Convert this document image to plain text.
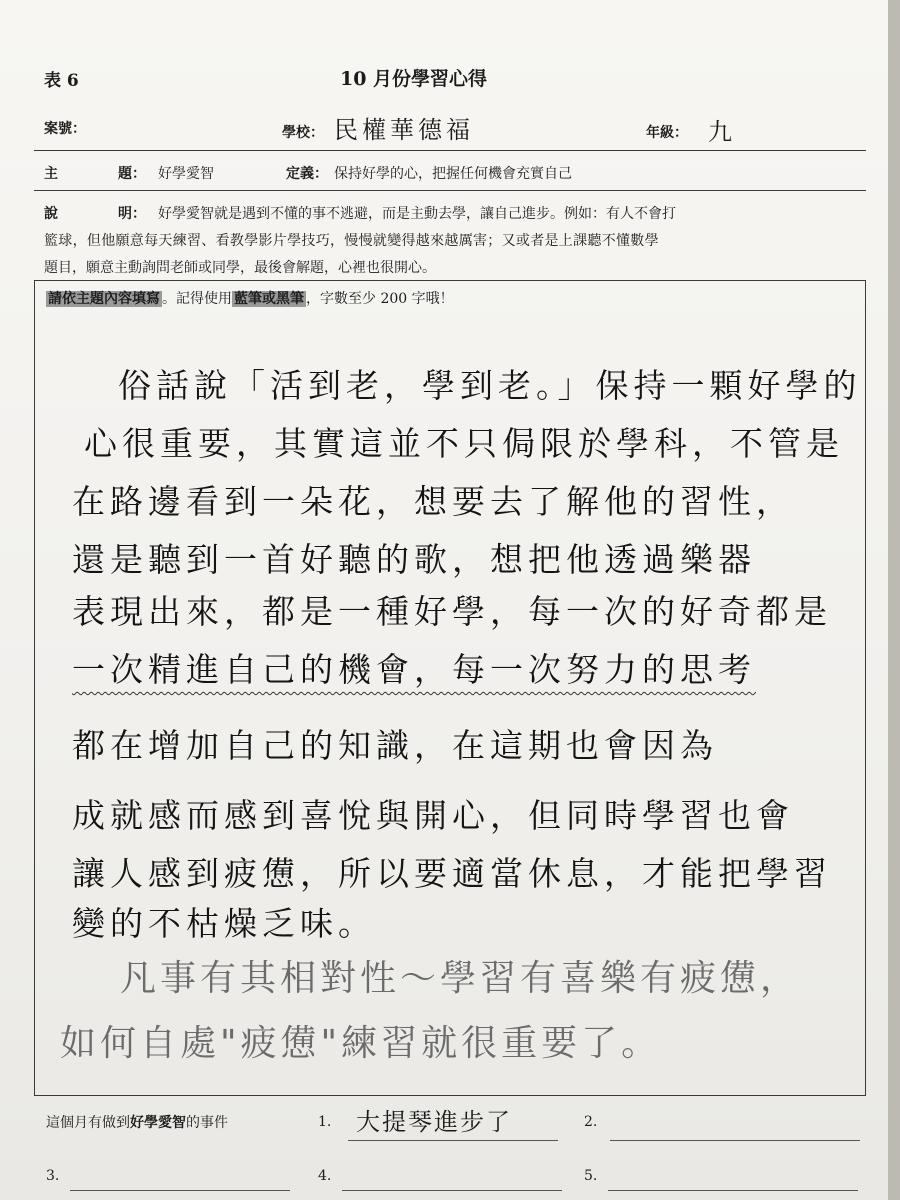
表 6	10 月份學習心得
案號：	學校： 民權華德福	年級： 九
主	題： 好學愛智	定義： 保持好學的心，把握任何機會充實自己
說	明： 好學愛智就是遇到不懂的事不逃避，而是主動去學，讓自己進步。例如：有人不會打
籃球，但他願意每天練習、看教學影片學技巧，慢慢就變得越來越厲害；又或者是上課聽不懂數學
題目，願意主動詢問老師或同學，最後會解題，心裡也很開心。
請依主題內容填寫 。記得使用 藍筆或黑筆 ，字數至少 200 字哦！
俗話說「活到老，學到老。」保持一顆好學的
心很重要，其實這並不只侷限於學科，不管是
在路邊看到一朵花，想要去了解他的習性，
還是聽到一首好聽的歌，想把他透過樂器
表現出來，都是一種好學，每一次的好奇都是
一次精進自己的機會，每一次努力的思考
都在增加自己的知識，在這期也會因為
成就感而感到喜悅與開心，但同時學習也會
讓人感到疲憊，所以要適當休息，才能把學習
變的不枯燥乏味。
凡事有其相對性～學習有喜樂有疲憊，
如何自處"疲憊"練習就很重要了。
這個月有做到好學愛智的事件	1. 大提琴進步了	2.
3.	4.	5.
